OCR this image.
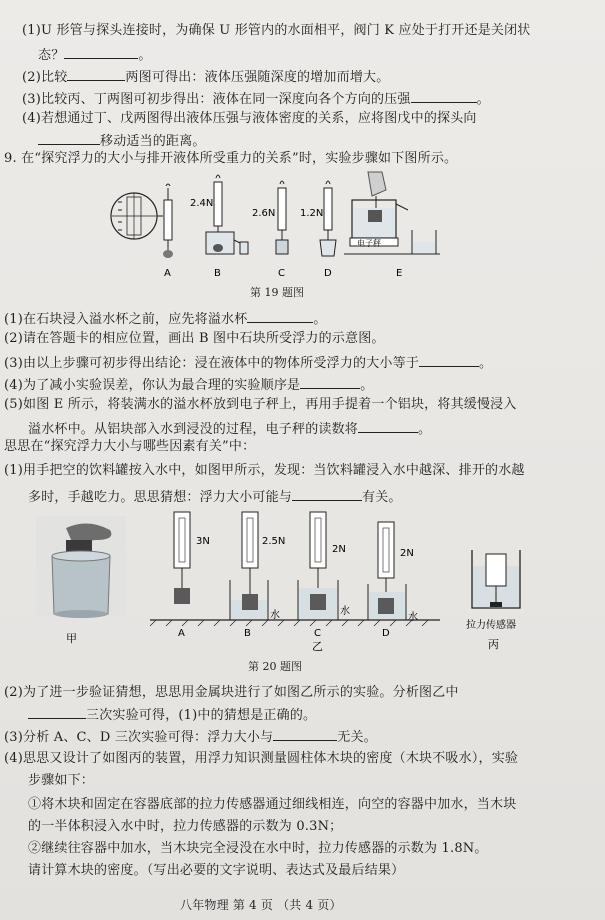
(1)U 形管与探头连接时，为确保 U 形管内的水面相平，阀门 K 应处于打开还是关闭状
态？	。
(2)比较	两图可得出：液体压强随深度的增加而增大。
(3)比较丙、丁两图可初步得出：液体在同一深度向各个方向的压强	。
(4)若想通过丁、戊两图得出液体压强与液体密度的关系，应将图戊中的探头向
移动适当的距离。
9. 在“探究浮力的大小与排开液体所受重力的关系”时，实验步骤如下图所示。
A
2.4N
B
2.6N
C
1.2N
D
电子秤
E
第 19 题图
(1)在石块浸入溢水杯之前，应先将溢水杯	。
(2)请在答题卡的相应位置，画出 B 图中石块所受浮力的示意图。
(3)由以上步骤可初步得出结论：浸在液体中的物体所受浮力的大小等于	。
(4)为了减小实验误差，你认为最合理的实验顺序是	。
(5)如图 E 所示，将装满水的溢水杯放到电子秤上，再用手提着一个铝块，将其缓慢浸入
溢水杯中。从铝块部入水到浸没的过程，电子秤的读数将	。
思思在“探究浮力大小与哪些因素有关”中：
(1)用手把空的饮料罐按入水中，如图甲所示，发现：当饮料罐浸入水中越深、排开的水越
多时，手越吃力。思思猜想：浮力大小可能与	有关。
甲
3N
A
2.5N
水
B
2N
水
C
乙
2N
水
D
拉力传感器
丙
第 20 题图
(2)为了进一步验证猜想，思思用金属块进行了如图乙所示的实验。分析图乙中
三次实验可得，(1)中的猜想是正确的。
(3)分析 A、C、D 三次实验可得：浮力大小与	无关。
(4)思思又设计了如图丙的装置，用浮力知识测量圆柱体木块的密度（木块不吸水），实验
步骤如下：
①将木块和固定在容器底部的拉力传感器通过细线相连，向空的容器中加水，当木块
的一半体积浸入水中时，拉力传感器的示数为 0.3N；
②继续往容器中加水，当木块完全浸没在水中时，拉力传感器的示数为 1.8N。
请计算木块的密度。（写出必要的文字说明、表达式及最后结果）
八年物理 第 4 页 （共 4 页）
